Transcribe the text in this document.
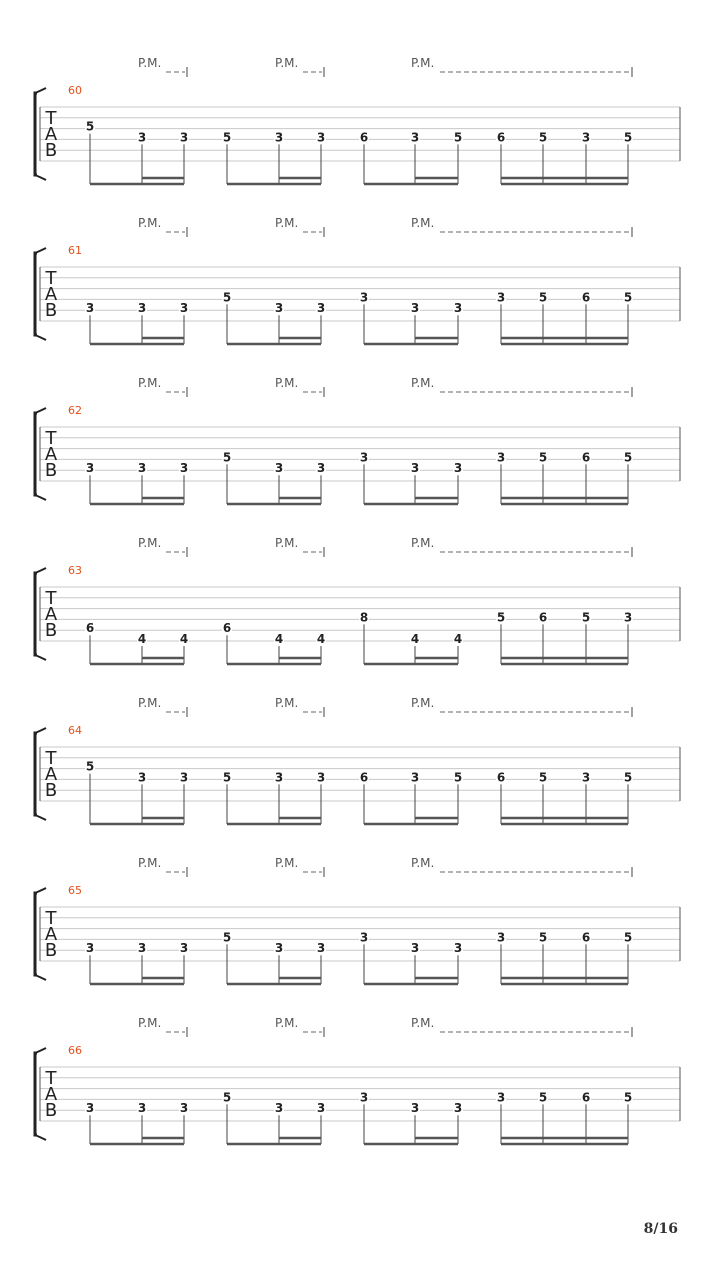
P.M.	P.M.	P.M.
T
A
B
60
5
3	3	5	3	3	6	3	5	6	5	3	5
P.M.	P.M.	P.M.
T
A
B
61
3	3	3
5
3	3
3
3	3
3	5	6	5
P.M.	P.M.	P.M.
T
A
B
62
3	3	3
5
3	3
3
3	3
3	5	6	5
P.M.	P.M.	P.M.
T
A
B
63
6
4	4
6
4	4
8
4	4
5	6	5	3
P.M.	P.M.	P.M.
T
A
B
64
5
3	3	5	3	3	6	3	5	6	5	3	5
P.M.	P.M.	P.M.
T
A
B
65
3	3	3
5
3	3
3
3	3
3	5	6	5
P.M.	P.M.	P.M.
T
A
B
66
3	3	3
5
3	3
3
3	3
3	5	6	5
8/16
